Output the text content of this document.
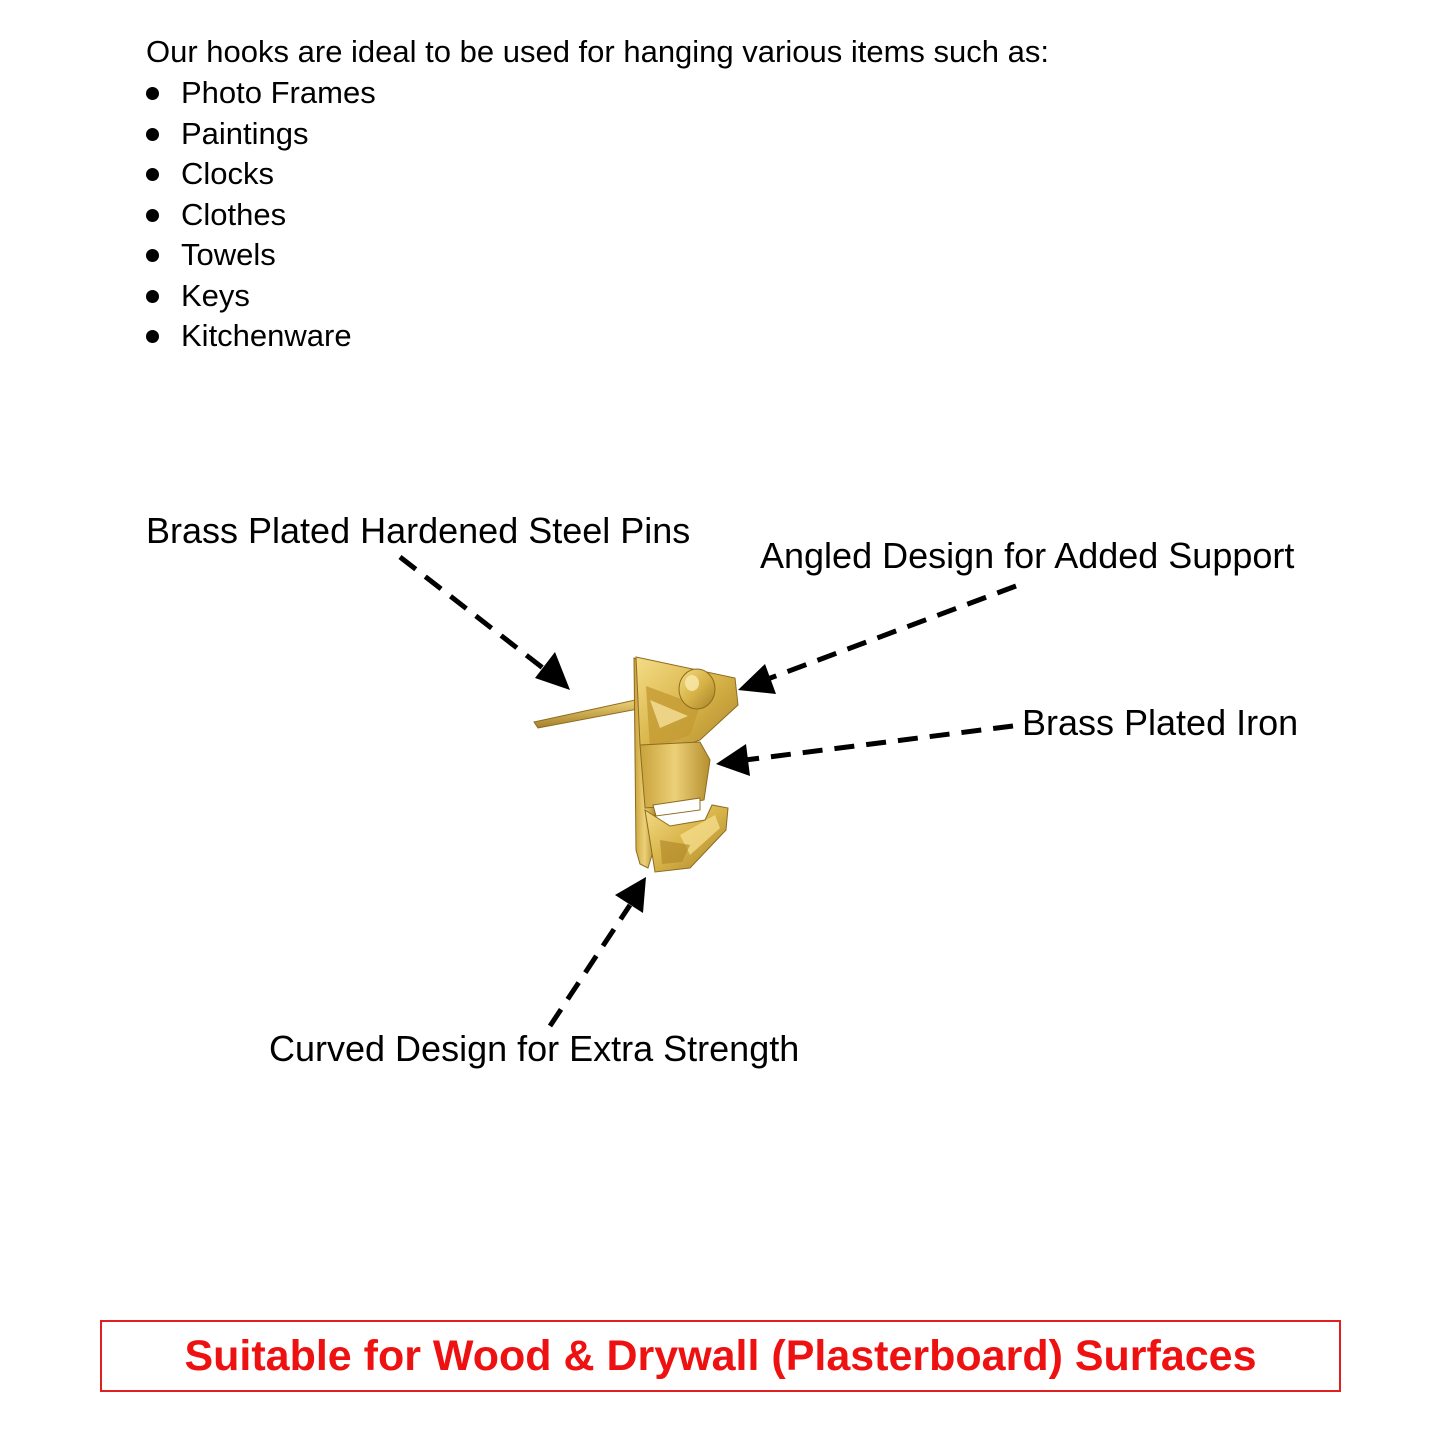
Our hooks are ideal to be used for hanging various items such as:

Photo Frames
Paintings
Clocks
Clothes
Towels
Keys
Kitchenware

Brass Plated Hardened Steel Pins

Angled Design for Added Support

Brass Plated Iron

Curved Design for Extra Strength

Suitable for Wood & Drywall (Plasterboard) Surfaces
